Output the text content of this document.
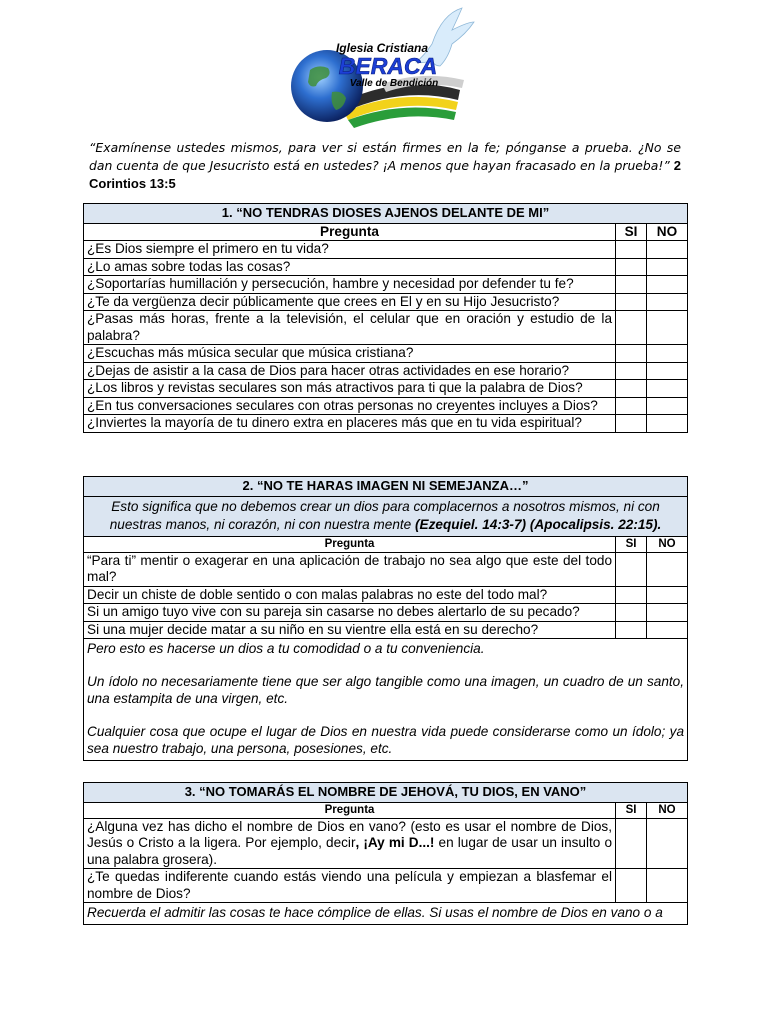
Iglesia Cristiana
BERACA
Valle de Bendición
“Examínense ustedes mismos, para ver si están firmes en la fe; pónganse a prueba. ¿No se dan cuenta de que Jesucristo está en ustedes? ¡A menos que hayan fracasado en la prueba!” 2 Corintios 13:5
1. “NO TENDRAS DIOSES AJENOS DELANTE DE MI”		
Pregunta	SI	NO
¿Es Dios siempre el primero en tu vida?		
¿Lo amas sobre todas las cosas?		
¿Soportarías humillación y persecución, hambre y necesidad por defender tu fe?		
¿Te da vergüenza decir públicamente que crees en El y en su Hijo Jesucristo?		
¿Pasas más horas, frente a la televisión, el celular que en oración y estudio de la palabra?		
¿Escuchas más música secular que música cristiana?		
¿Dejas de asistir a la casa de Dios para hacer otras actividades en ese horario?		
¿Los libros y revistas seculares son más atractivos para ti que la palabra de Dios?		
¿En tus conversaciones seculares con otras personas no creyentes incluyes a Dios?		
¿Inviertes la mayoría de tu dinero extra en placeres más que en tu vida espiritual?		
2. “NO TE HARAS IMAGEN NI SEMEJANZA…”		
Esto significa que no debemos crear un dios para complacernos a nosotros mismos, ni con nuestras manos, ni corazón, ni con nuestra mente (Ezequiel. 14:3-7) (Apocalipsis. 22:15).		
Pregunta	SI	NO
“Para ti” mentir o exagerar en una aplicación de trabajo no sea algo que este del todo mal?		
Decir un chiste de doble sentido o con malas palabras no este del todo mal?		
Si un amigo tuyo vive con su pareja sin casarse no debes alertarlo de su pecado?		
Si una mujer decide matar a su niño en su vientre ella está en su derecho?		

Pero esto es hacerse un dios a tu comodidad o a tu conveniencia.

Un ídolo no necesariamente tiene que ser algo tangible como una imagen, un cuadro de un santo, una estampita de una virgen, etc.

Cualquier cosa que ocupe el lugar de Dios en nuestra vida puede considerarse como un ídolo; ya sea nuestro trabajo, una persona, posesiones, etc.		

3. “NO TOMARÁS EL NOMBRE DE JEHOVÁ, TU DIOS, EN VANO”		
Pregunta	SI	NO
¿Alguna vez has dicho el nombre de Dios en vano? (esto es usar el nombre de Dios, Jesús o Cristo a la ligera. Por ejemplo, decir, ¡Ay mi D...! en lugar de usar un insulto o una palabra grosera).		
¿Te quedas indiferente cuando estás viendo una película y empiezan a blasfemar el nombre de Dios?		
Recuerda el admitir las cosas te hace cómplice de ellas. Si usas el nombre de Dios en vano o a		
